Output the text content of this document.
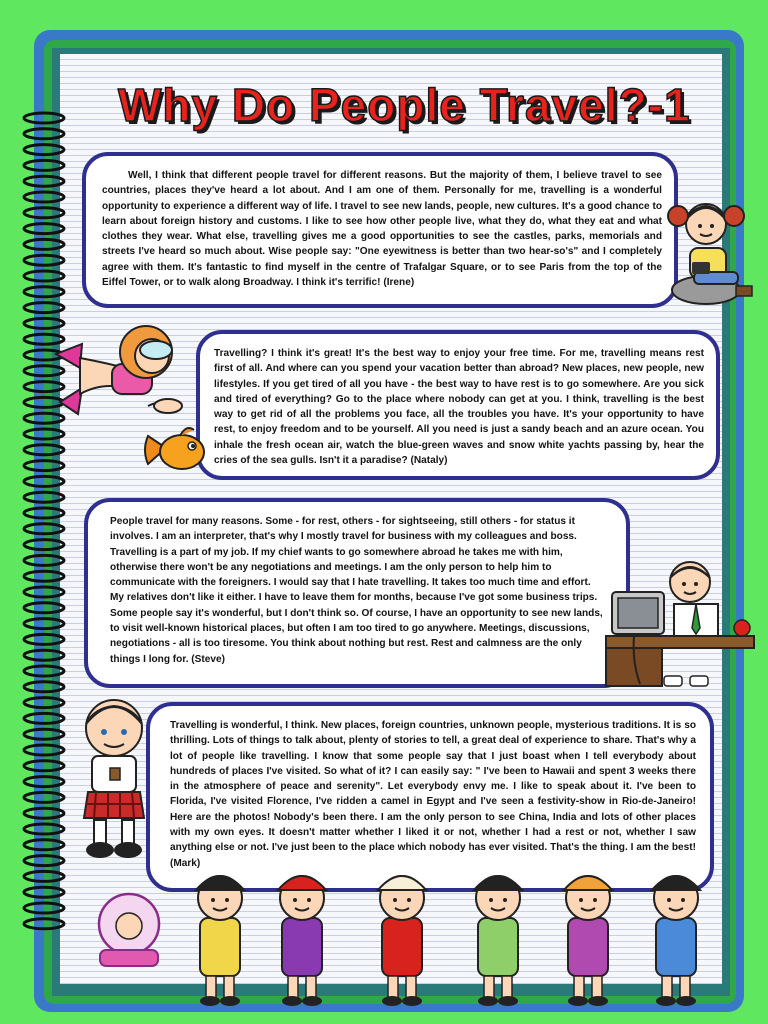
Why Do People Travel?-1

Well, I think that different people travel for different reasons. But the majority of them, I believe travel to see countries, places they've heard a lot about. And I am one of them. Personally for me, travelling is a wonderful opportunity to experience a different way of life. I travel to see new lands, people, new cultures. It's a good chance to learn about foreign history and customs. I like to see how other people live, what they do, what they eat and what clothes they wear. What else, travelling gives me a good opportunities to see the castles, parks, memorials and streets I've heard so much about. Wise people say: "One eyewitness is better than two hear-so's" and I completely agree with them. It's fantastic to find myself in the centre of Trafalgar Square, or to see Paris from the top of the Eiffel Tower, or to walk along Broadway. I think it's terrific! (Irene)

Travelling? I think it's great! It's the best way to enjoy your free time. For me, travelling means rest first of all. And where can you spend your vacation better than abroad? New places, new people, new lifestyles. If you get tired of all you have - the best way to have rest is to go somewhere. Are you sick and tired of everything? Go to the place where nobody can get at you. I think, travelling is the best way to get rid of all the problems you face, all the troubles you have. It's your opportunity to have rest, to enjoy freedom and to be yourself. All you need is just a sandy beach and an azure ocean. You inhale the fresh ocean air, watch the blue-green waves and snow white yachts passing by, hear the cries of the sea gulls. Isn't it a paradise? (Nataly)

People travel for many reasons. Some - for rest, others - for sightseeing, still others - for status it involves. I am an interpreter, that's why I mostly travel for business with my colleagues and boss. Travelling is a part of my job. If my chief wants to go somewhere abroad he takes me with him, otherwise there won't be any negotiations and meetings. I am the only person to help him to communicate with the foreigners. I would say that I hate travelling. It takes too much time and effort. My relatives don't like it either. I have to leave them for months, because I've got some business trips. Some people say it's wonderful, but I don't think so. Of course, I have an opportunity to see new lands, to visit well-known historical places, but often I am too tired to go anywhere. Meetings, discussions, negotiations - all is too tiresome. You think about nothing but rest. Rest and calmness are the only things I long for. (Steve)

Travelling is wonderful, I think. New places, foreign countries, unknown people, mysterious traditions. It is so thrilling. Lots of things to talk about, plenty of stories to tell, a great deal of experience to share. That's why a lot of people like travelling. I know that some people say that I just boast when I tell everybody about hundreds of places I've visited. So what of it? I can easily say: " I've been to Hawaii and spent 3 weeks there in the atmosphere of peace and serenity". Let everybody envy me. I like to speak about it. I've been to Florida, I've visited Florence, I've ridden a camel in Egypt and I've seen a festivity-show in Rio-de-Janeiro! Here are the photos! Nobody's been there. I am the only person to see China, India and lots of other places with my own eyes. It doesn't matter whether I liked it or not, whether I had a rest or not, whether I saw anything else or not. I've just been to the place which nobody has ever visited. That's the thing. I am the best! (Mark)
